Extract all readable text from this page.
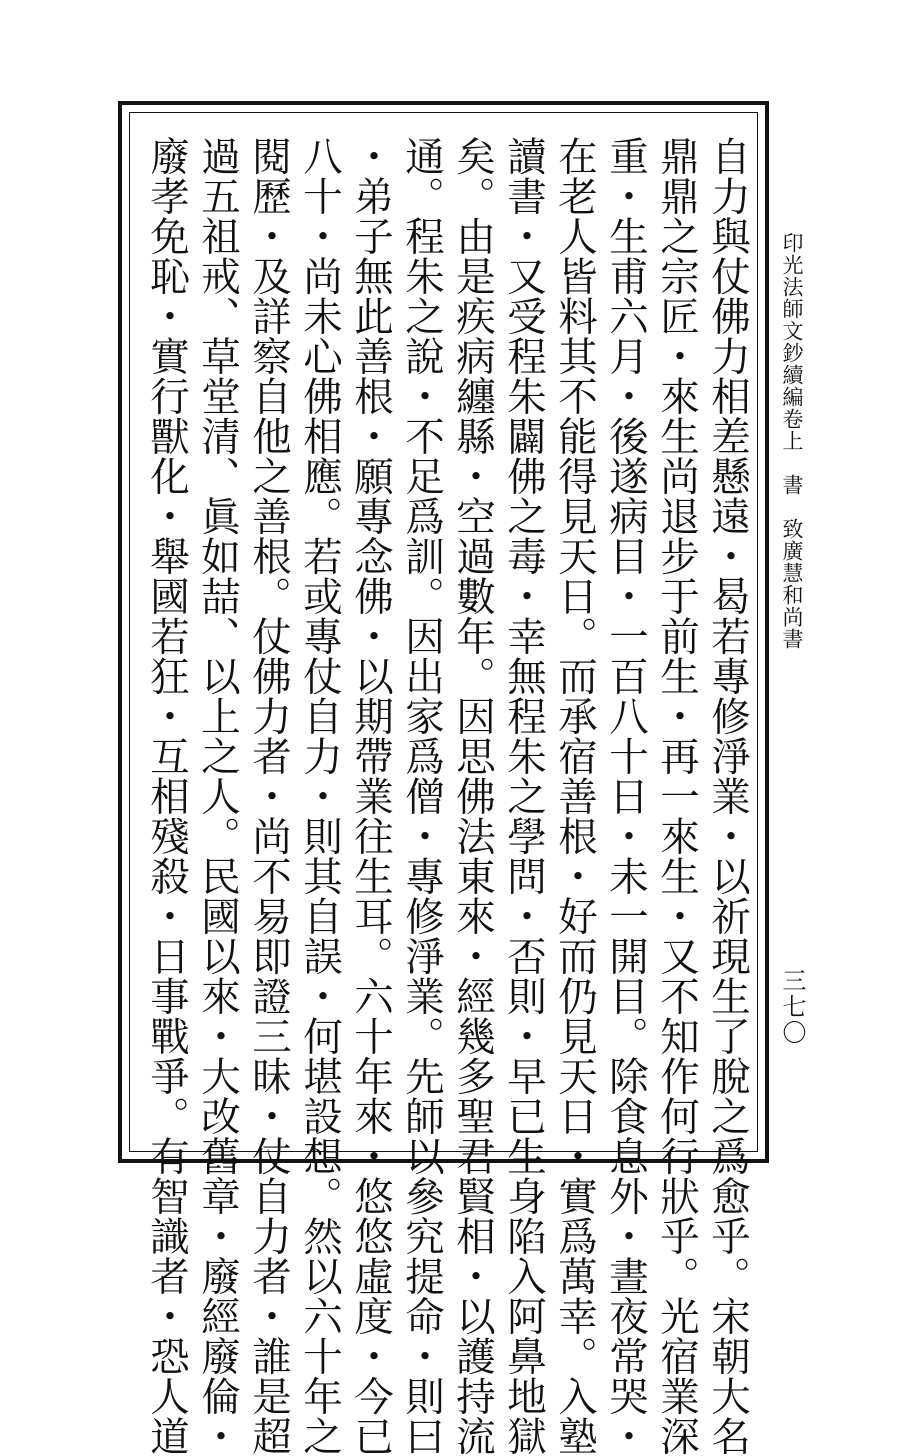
印光法師文鈔續編卷上　書　致廣慧和尚書
三七〇
自力與仗佛力相差懸遠・曷若專修淨業・以祈現生了脫之爲愈乎。宋朝大名
鼎鼎之宗匠・來生尚退步于前生・再一來生・又不知作何行狀乎。光宿業深
重・生甫六月・後遂病目・一百八十日・未一開目。除食息外・晝夜常哭・
在老人皆料其不能得見天日。而承宿善根・好而仍見天日・實爲萬幸。入塾
讀書・又受程朱闢佛之毒・幸無程朱之學問・否則・早已生身陷入阿鼻地獄
矣。由是疾病纏縣・空過數年。因思佛法東來・經幾多聖君賢相・以護持流
通。程朱之說・不足爲訓。因出家爲僧・專修淨業。先師以參究提命・則曰
・弟子無此善根・願專念佛・以期帶業往生耳。六十年來・悠悠虛度・今已
八十・尚未心佛相應。若或專仗自力・則其自誤・何堪設想。然以六十年之
閱歷・及詳察自他之善根。仗佛力者・尚不易即證三昧・仗自力者・誰是超
過五祖戒、草堂清、眞如喆、以上之人。民國以來・大改舊章・廢經廢倫・
廢孝免恥・實行獸化・舉國若狂・互相殘殺・日事戰爭。有智識者・恐人道
